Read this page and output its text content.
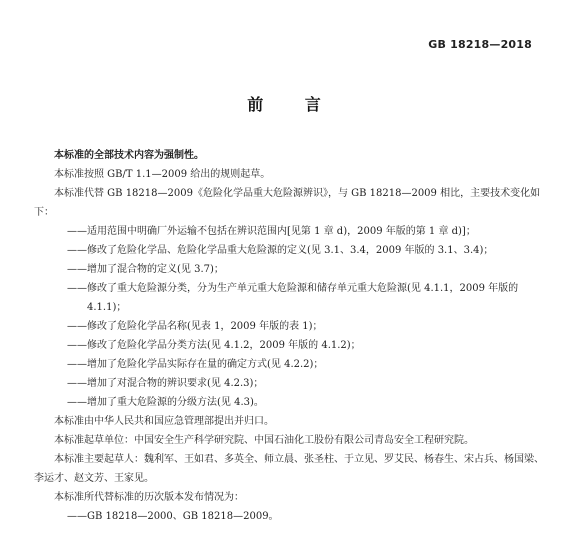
GB 18218—2018
前 言

本标准的全部技术内容为强制性。

本标准按照 GB/T 1.1—2009 给出的规则起草。

本标准代替 GB 18218—2009《危险化学品重大危险源辨识》，与 GB 18218—2009 相比，主要技术变化如下：

——适用范围中明确厂外运输不包括在辨识范围内[见第 1 章 d)，2009 年版的第 1 章 d)]；

——修改了危险化学品、危险化学品重大危险源的定义(见 3.1、3.4，2009 年版的 3.1、3.4)；

——增加了混合物的定义(见 3.7)；

——修改了重大危险源分类，分为生产单元重大危险源和储存单元重大危险源(见 4.1.1，2009 年版的 4.1.1)；

——修改了危险化学品名称(见表 1，2009 年版的表 1)；

——修改了危险化学品分类方法(见 4.1.2，2009 年版的 4.1.2)；

——增加了危险化学品实际存在量的确定方式(见 4.2.2)；

——增加了对混合物的辨识要求(见 4.2.3)；

——增加了重大危险源的分级方法(见 4.3)。

本标准由中华人民共和国应急管理部提出并归口。

本标准起草单位：中国安全生产科学研究院、中国石油化工股份有限公司青岛安全工程研究院。

本标准主要起草人：魏利军、王如君、多英全、师立晨、张圣柱、于立见、罗艾民、杨春生、宋占兵、杨国梁、李运才、赵文芳、王家见。

本标准所代替标准的历次版本发布情况为：

——GB 18218—2000、GB 18218—2009。
